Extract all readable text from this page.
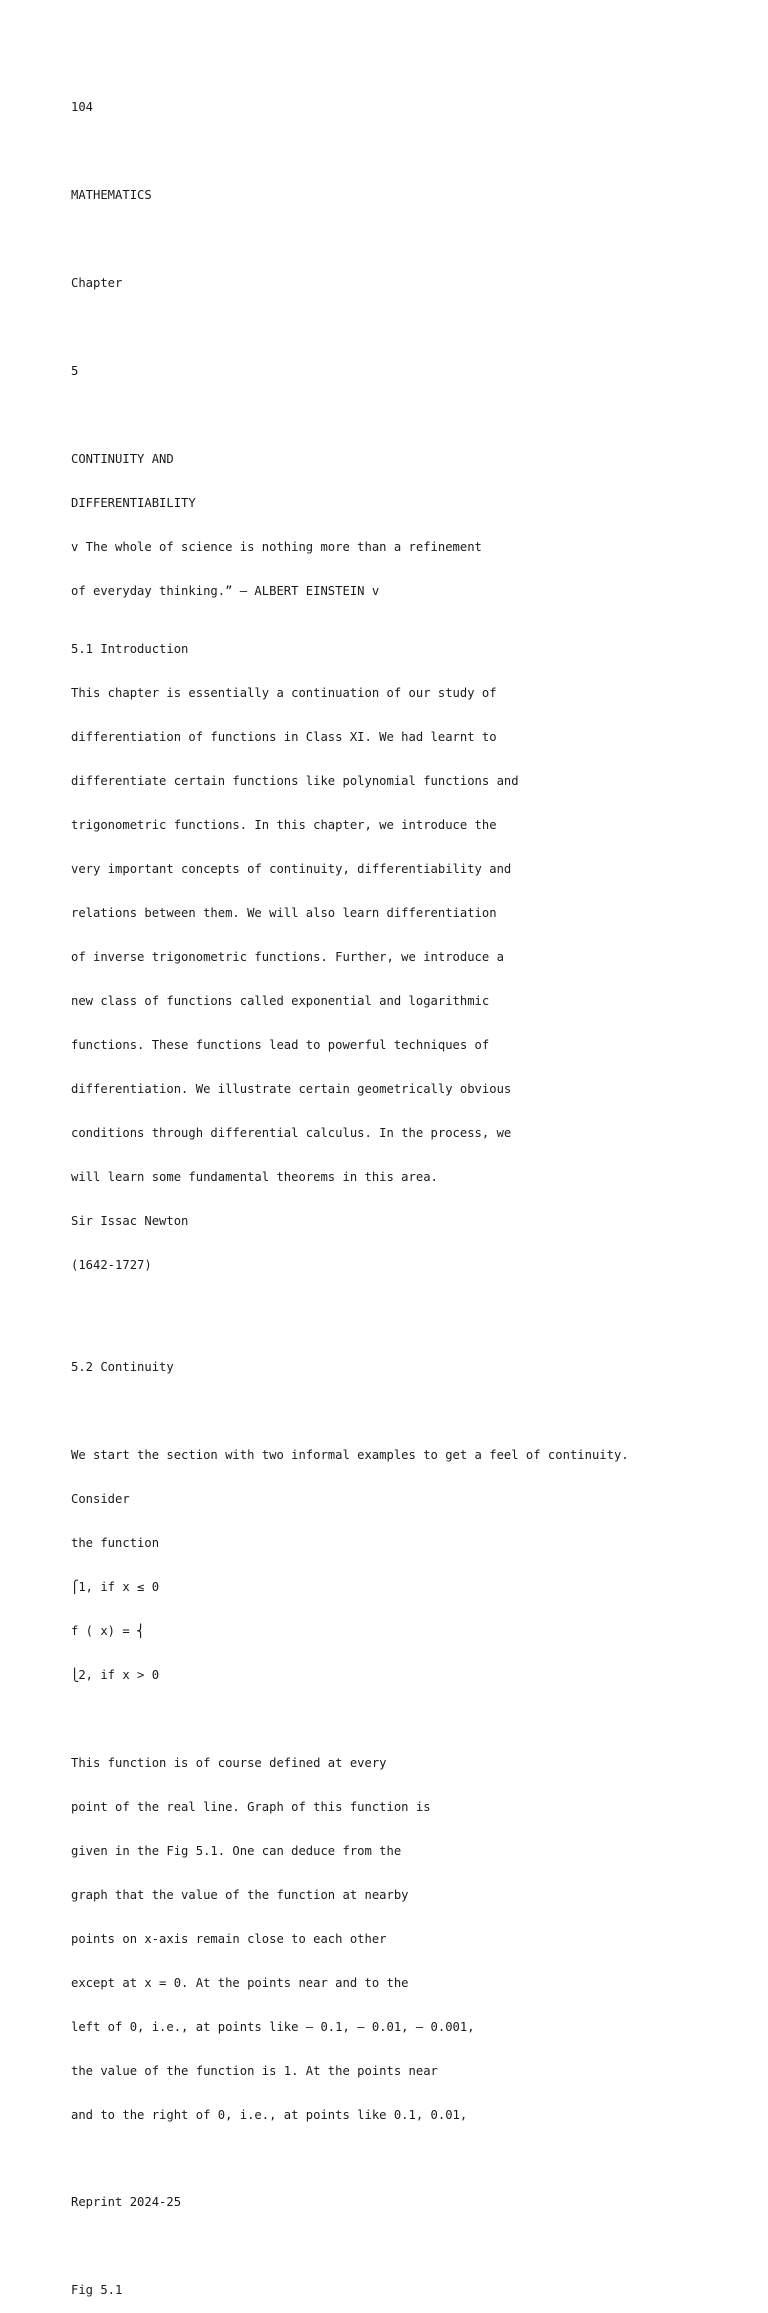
104

MATHEMATICS

Chapter

5

CONTINUITY AND

DIFFERENTIABILITY

v The whole of science is nothing more than a refinement

of everyday thinking.” — ALBERT EINSTEIN v

5.1 Introduction

This chapter is essentially a continuation of our study of

differentiation of functions in Class XI. We had learnt to

differentiate certain functions like polynomial functions and

trigonometric functions. In this chapter, we introduce the

very important concepts of continuity, differentiability and

relations between them. We will also learn differentiation

of inverse trigonometric functions. Further, we introduce a

new class of functions called exponential and logarithmic

functions. These functions lead to powerful techniques of

differentiation. We illustrate certain geometrically obvious

conditions through differential calculus. In the process, we

will learn some fundamental theorems in this area.

Sir Issac Newton

(1642-1727)

5.2 Continuity

We start the section with two informal examples to get a feel of continuity.

Consider

the function

⎧1, if x ≤ 0

f ( x) = ⎨

⎩2, if x > 0

This function is of course defined at every

point of the real line. Graph of this function is

given in the Fig 5.1. One can deduce from the

graph that the value of the function at nearby

points on x-axis remain close to each other

except at x = 0. At the points near and to the

left of 0, i.e., at points like – 0.1, – 0.01, – 0.001,

the value of the function is 1. At the points near

and to the right of 0, i.e., at points like 0.1, 0.01,

Reprint 2024-25

Fig 5.1
